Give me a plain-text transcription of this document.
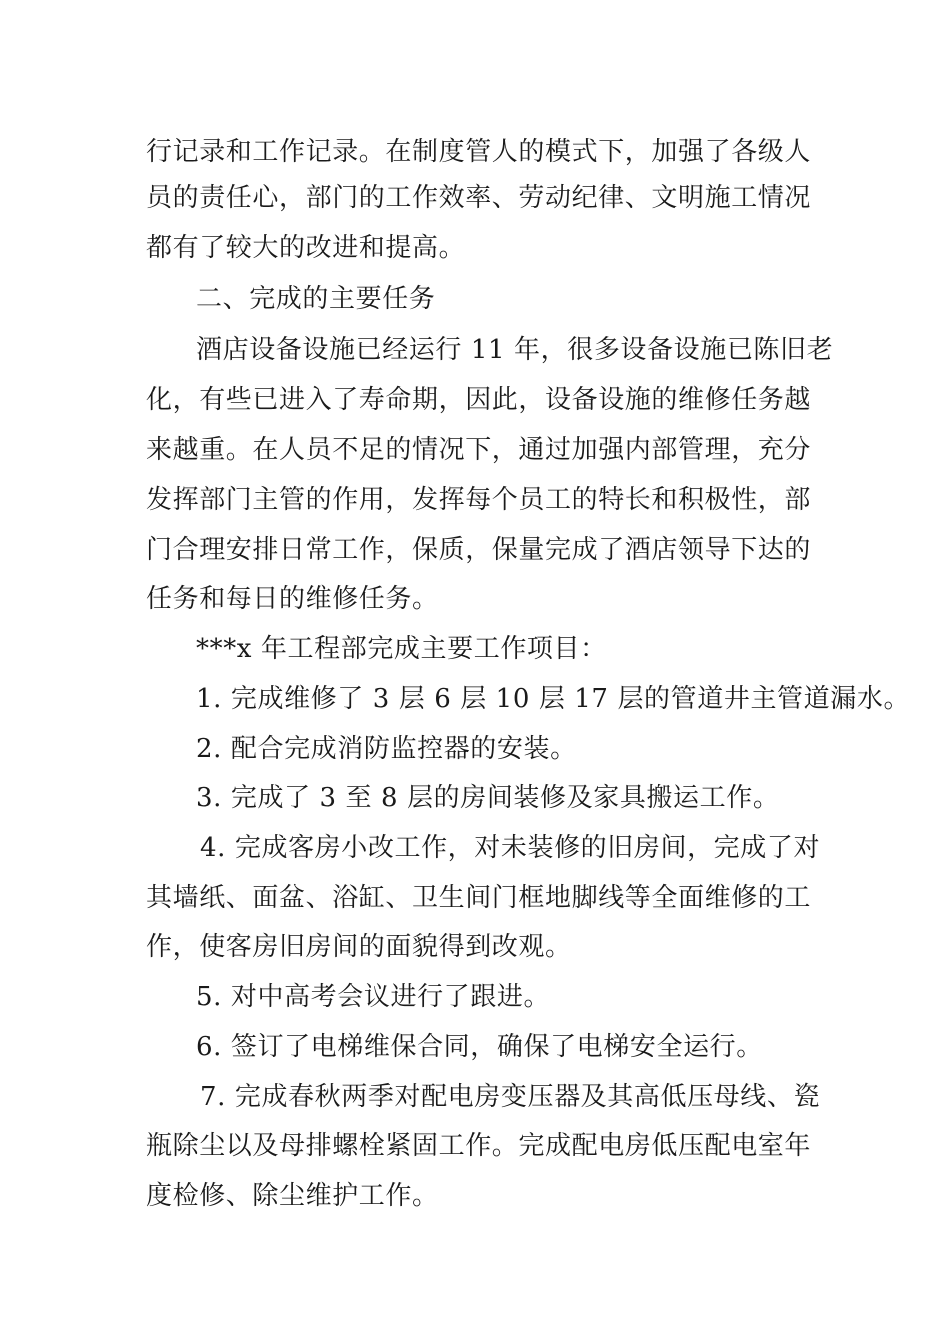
行记录和工作记录。在制度管人的模式下，加强了各级人
员的责任心，部门的工作效率、劳动纪律、文明施工情况
都有了较大的改进和提高。
二、完成的主要任务
酒店设备设施已经运行 11 年，很多设备设施已陈旧老
化，有些已进入了寿命期，因此，设备设施的维修任务越
来越重。在人员不足的情况下，通过加强内部管理，充分
发挥部门主管的作用，发挥每个员工的特长和积极性，部
门合理安排日常工作，保质，保量完成了酒店领导下达的
任务和每日的维修任务。
***x 年工程部完成主要工作项目：
1. 完成维修了 3 层 6 层 10 层 17 层的管道井主管道漏水。
2. 配合完成消防监控器的安装。
3. 完成了 3 至 8 层的房间装修及家具搬运工作。
4. 完成客房小改工作，对未装修的旧房间，完成了对
其墙纸、面盆、浴缸、卫生间门框地脚线等全面维修的工
作，使客房旧房间的面貌得到改观。
5. 对中高考会议进行了跟进。
6. 签订了电梯维保合同，确保了电梯安全运行。
7. 完成春秋两季对配电房变压器及其高低压母线、瓷
瓶除尘以及母排螺栓紧固工作。完成配电房低压配电室年
度检修、除尘维护工作。
